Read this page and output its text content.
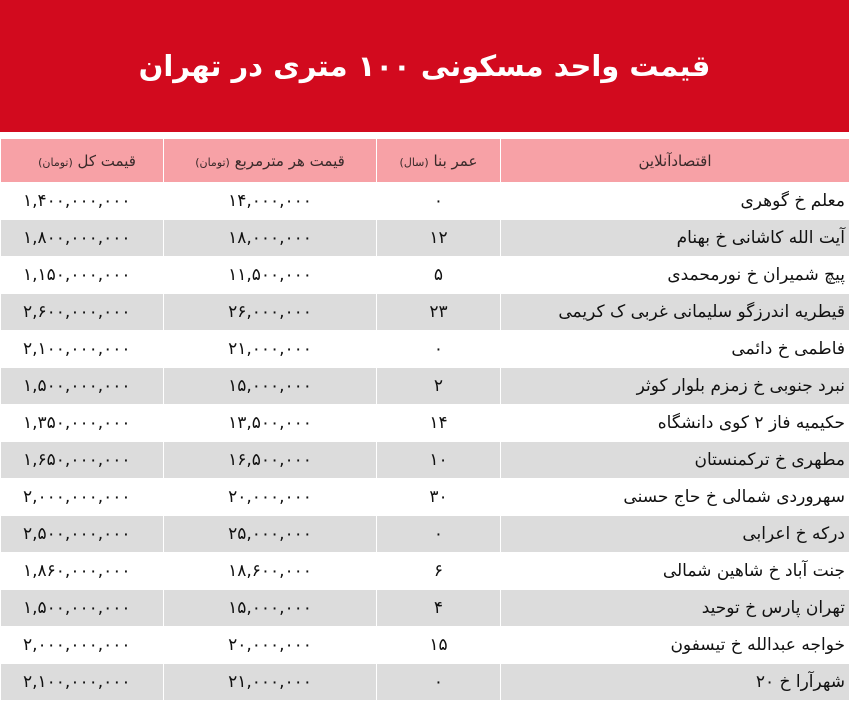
قیمت واحد مسکونی ۱۰۰ متری در تهران
قیمت کل (تومان)	قیمت هر مترمربع (تومان)	عمر بنا (سال)	اقتصادآنلاین

۱,۴۰۰,۰۰۰,۰۰۰	۱۴,۰۰۰,۰۰۰	۰	معلم خ گوهری
۱,۸۰۰,۰۰۰,۰۰۰	۱۸,۰۰۰,۰۰۰	۱۲	آیت الله کاشانی خ بهنام
۱,۱۵۰,۰۰۰,۰۰۰	۱۱,۵۰۰,۰۰۰	۵	پیچ شمیران خ نورمحمدی
۲,۶۰۰,۰۰۰,۰۰۰	۲۶,۰۰۰,۰۰۰	۲۳	قیطریه اندرزگو سلیمانی غربی ک کریمی
۲,۱۰۰,۰۰۰,۰۰۰	۲۱,۰۰۰,۰۰۰	۰	فاطمی خ دائمی
۱,۵۰۰,۰۰۰,۰۰۰	۱۵,۰۰۰,۰۰۰	۲	نبرد جنوبی خ زمزم بلوار کوثر
۱,۳۵۰,۰۰۰,۰۰۰	۱۳,۵۰۰,۰۰۰	۱۴	حکیمیه فاز ۲ کوی دانشگاه
۱,۶۵۰,۰۰۰,۰۰۰	۱۶,۵۰۰,۰۰۰	۱۰	مطهری خ ترکمنستان
۲,۰۰۰,۰۰۰,۰۰۰	۲۰,۰۰۰,۰۰۰	۳۰	سهروردی شمالی خ حاج حسنی
۲,۵۰۰,۰۰۰,۰۰۰	۲۵,۰۰۰,۰۰۰	۰	درکه خ اعرابی
۱,۸۶۰,۰۰۰,۰۰۰	۱۸,۶۰۰,۰۰۰	۶	جنت آباد خ شاهین شمالی
۱,۵۰۰,۰۰۰,۰۰۰	۱۵,۰۰۰,۰۰۰	۴	تهران پارس خ توحید
۲,۰۰۰,۰۰۰,۰۰۰	۲۰,۰۰۰,۰۰۰	۱۵	خواجه عبدالله خ تیسفون
۲,۱۰۰,۰۰۰,۰۰۰	۲۱,۰۰۰,۰۰۰	۰	شهرآرا خ ۲۰
